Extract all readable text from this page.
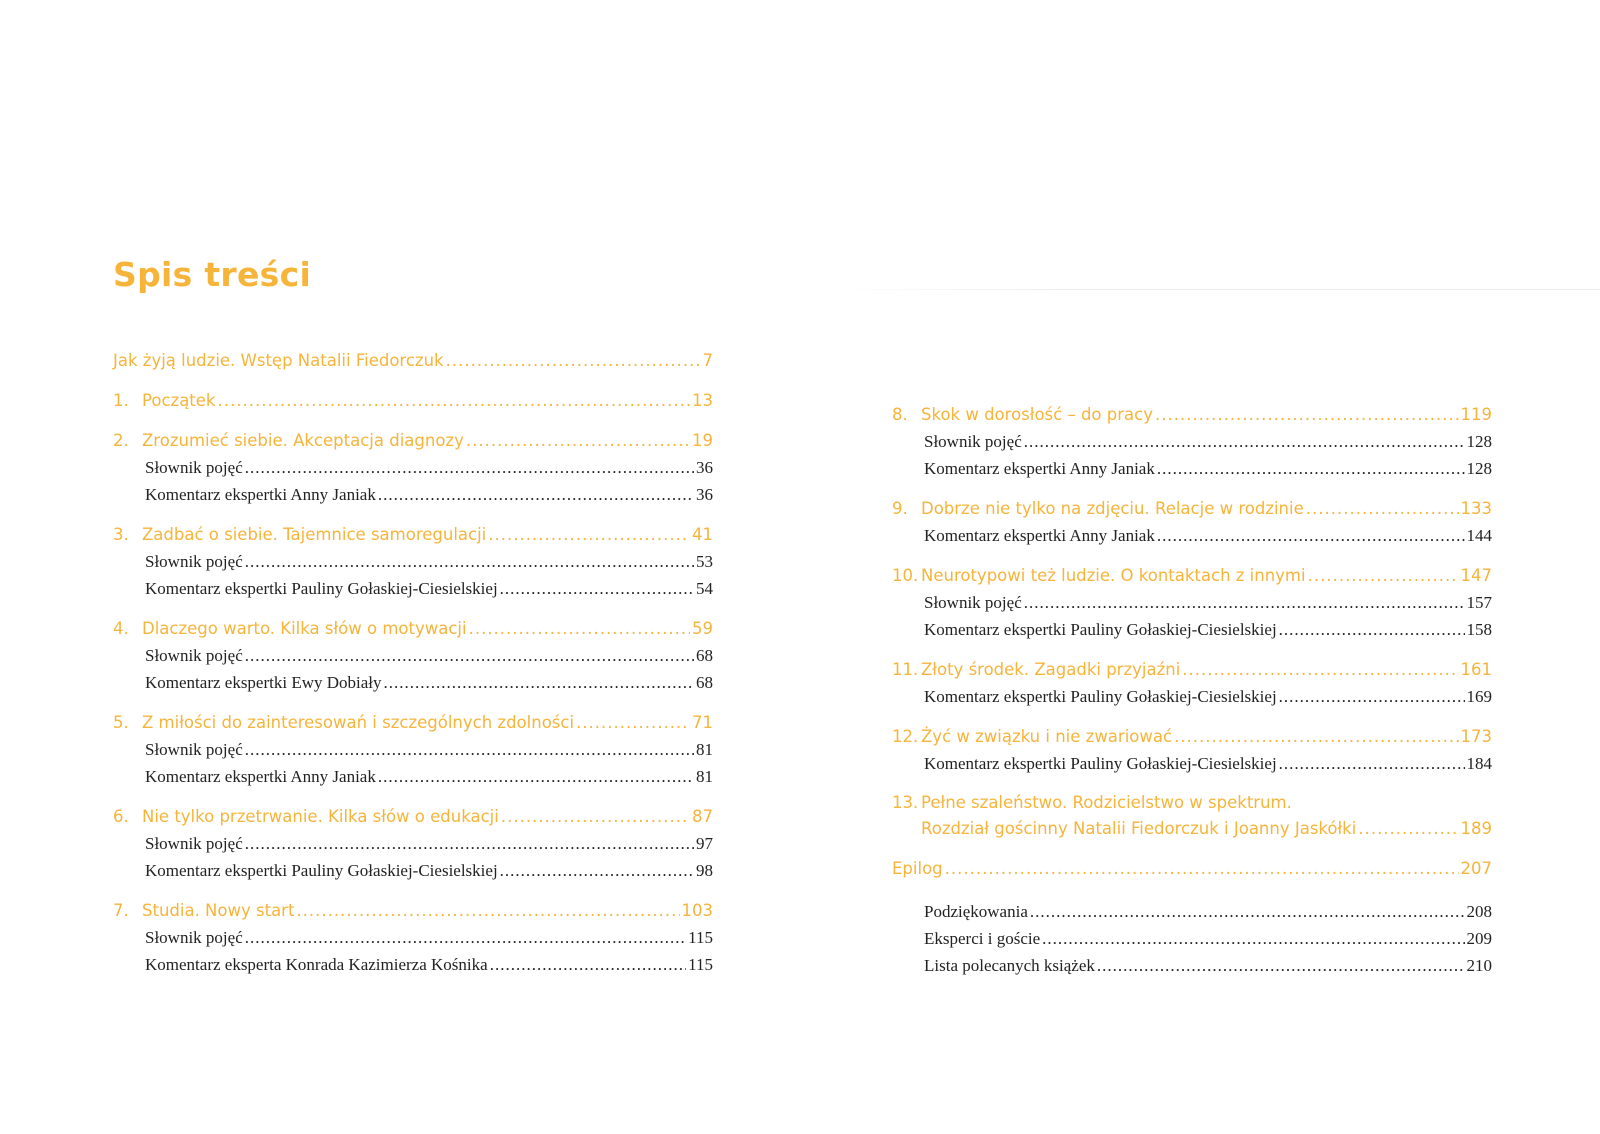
Spis treści
Jak żyją ludzie. Wstęp Natalii Fiedorczuk .....	7
1. Początek .....	13
2. Zrozumieć siebie. Akceptacja diagnozy .....	19
Słownik pojęć .....	36
Komentarz ekspertki Anny Janiak .....	36
3. Zadbać o siebie. Tajemnice samoregulacji .....	41
Słownik pojęć .....	53
Komentarz ekspertki Pauliny Gołaskiej-Ciesielskiej .....	54
4. Dlaczego warto. Kilka słów o motywacji .....	59
Słownik pojęć .....	68
Komentarz ekspertki Ewy Dobiały .....	68
5. Z miłości do zainteresowań i szczególnych zdolności .....	71
Słownik pojęć .....	81
Komentarz ekspertki Anny Janiak .....	81
6. Nie tylko przetrwanie. Kilka słów o edukacji .....	87
Słownik pojęć .....	97
Komentarz ekspertki Pauliny Gołaskiej-Ciesielskiej .....	98
7. Studia. Nowy start .....	103
Słownik pojęć .....	115
Komentarz eksperta Konrada Kazimierza Kośnika .....	115
8. Skok w dorosłość – do pracy .....	119
Słownik pojęć .....	128
Komentarz ekspertki Anny Janiak .....	128
9. Dobrze nie tylko na zdjęciu. Relacje w rodzinie .....	133
Komentarz ekspertki Anny Janiak .....	144
10. Neurotypowi też ludzie. O kontaktach z innymi .....	147
Słownik pojęć .....	157
Komentarz ekspertki Pauliny Gołaskiej-Ciesielskiej .....	158
11. Złoty środek. Zagadki przyjaźni .....	161
Komentarz ekspertki Pauliny Gołaskiej-Ciesielskiej .....	169
12. Żyć w związku i nie zwariować .....	173
Komentarz ekspertki Pauliny Gołaskiej-Ciesielskiej .....	184
13. Pełne szaleństwo. Rodzicielstwo w spektrum.
Rozdział gościnny Natalii Fiedorczuk i Joanny Jaskółki .....	189
Epilog .....	207
Podziękowania .....	208
Eksperci i goście .....	209
Lista polecanych książek .....	210
